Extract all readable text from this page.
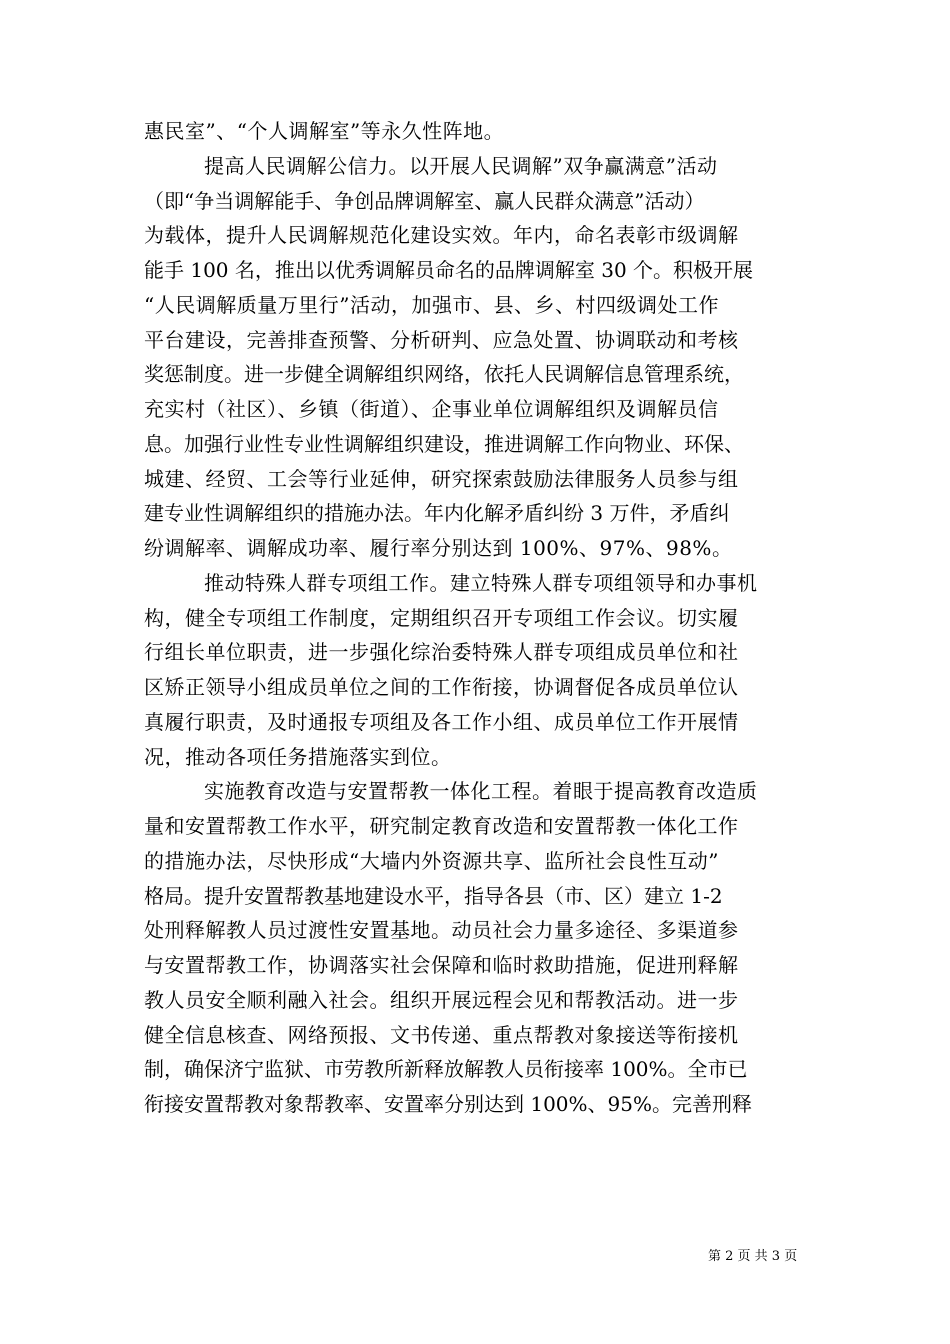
惠民室”、“个人调解室”等永久性阵地。
提高人民调解公信力。以开展人民调解”双争赢满意”活动
（即“争当调解能手、争创品牌调解室、赢人民群众满意”活动）
为载体，提升人民调解规范化建设实效。年内，命名表彰市级调解
能手 100 名，推出以优秀调解员命名的品牌调解室 30 个。积极开展
“人民调解质量万里行”活动，加强市、县、乡、村四级调处工作
平台建设，完善排查预警、分析研判、应急处置、协调联动和考核
奖惩制度。进一步健全调解组织网络，依托人民调解信息管理系统，
充实村（社区）、乡镇（街道）、企事业单位调解组织及调解员信
息。加强行业性专业性调解组织建设，推进调解工作向物业、环保、
城建、经贸、工会等行业延伸，研究探索鼓励法律服务人员参与组
建专业性调解组织的措施办法。年内化解矛盾纠纷 3 万件，矛盾纠
纷调解率、调解成功率、履行率分别达到 100%、97%、98%。
推动特殊人群专项组工作。建立特殊人群专项组领导和办事机
构，健全专项组工作制度，定期组织召开专项组工作会议。切实履
行组长单位职责，进一步强化综治委特殊人群专项组成员单位和社
区矫正领导小组成员单位之间的工作衔接，协调督促各成员单位认
真履行职责，及时通报专项组及各工作小组、成员单位工作开展情
况，推动各项任务措施落实到位。
实施教育改造与安置帮教一体化工程。着眼于提高教育改造质
量和安置帮教工作水平，研究制定教育改造和安置帮教一体化工作
的措施办法，尽快形成“大墙内外资源共享、监所社会良性互动”
格局。提升安置帮教基地建设水平，指导各县（市、区）建立 1-2
处刑释解教人员过渡性安置基地。动员社会力量多途径、多渠道参
与安置帮教工作，协调落实社会保障和临时救助措施，促进刑释解
教人员安全顺利融入社会。组织开展远程会见和帮教活动。进一步
健全信息核查、网络预报、文书传递、重点帮教对象接送等衔接机
制，确保济宁监狱、市劳教所新释放解教人员衔接率 100%。全市已
衔接安置帮教对象帮教率、安置率分别达到 100%、95%。完善刑释
第 2 页 共 3 页
